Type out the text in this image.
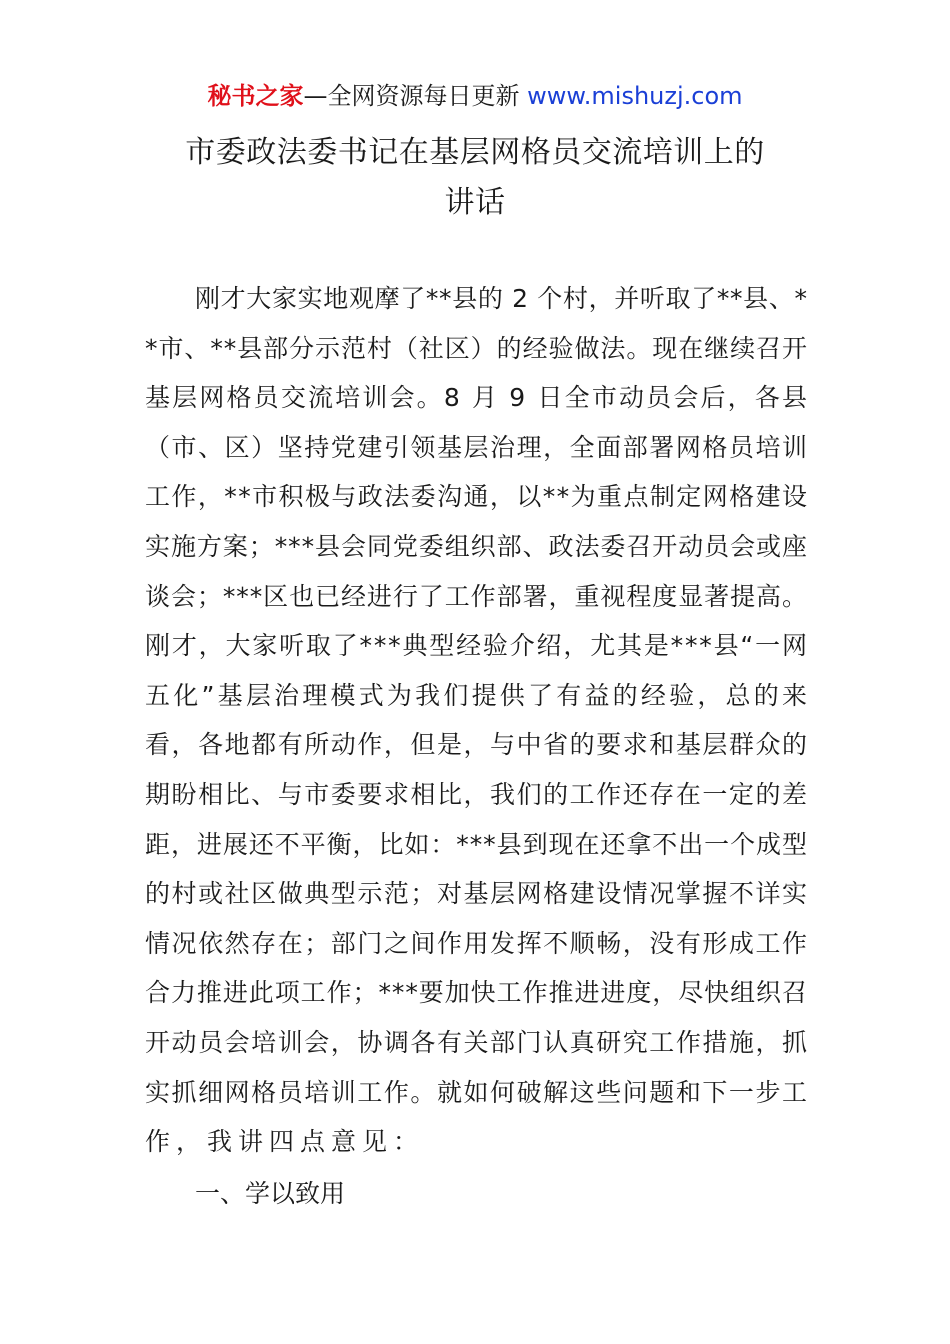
秘书之家—全网资源每日更新 www.mishuzj.com
市委政法委书记在基层网格员交流培训上的
讲话
刚才大家实地观摩了**县的 2 个村，并听取了**县、*
*市、**县部分示范村（社区）的经验做法。现在继续召开
基层网格员交流培训会。8 月 9 日全市动员会后，各县
（市、区）坚持党建引领基层治理，全面部署网格员培训
工作，**市积极与政法委沟通，以**为重点制定网格建设
实施方案；***县会同党委组织部、政法委召开动员会或座
谈会；***区也已经进行了工作部署，重视程度显著提高。
刚才，大家听取了***典型经验介绍，尤其是***县“一网
五化”基层治理模式为我们提供了有益的经验，总的来
看，各地都有所动作，但是，与中省的要求和基层群众的
期盼相比、与市委要求相比，我们的工作还存在一定的差
距，进展还不平衡，比如：***县到现在还拿不出一个成型
的村或社区做典型示范；对基层网格建设情况掌握不详实
情况依然存在；部门之间作用发挥不顺畅，没有形成工作
合力推进此项工作；***要加快工作推进进度，尽快组织召
开动员会培训会，协调各有关部门认真研究工作措施，抓
实抓细网格员培训工作。就如何破解这些问题和下一步工
作，我讲四点意见：
一、学以致用
